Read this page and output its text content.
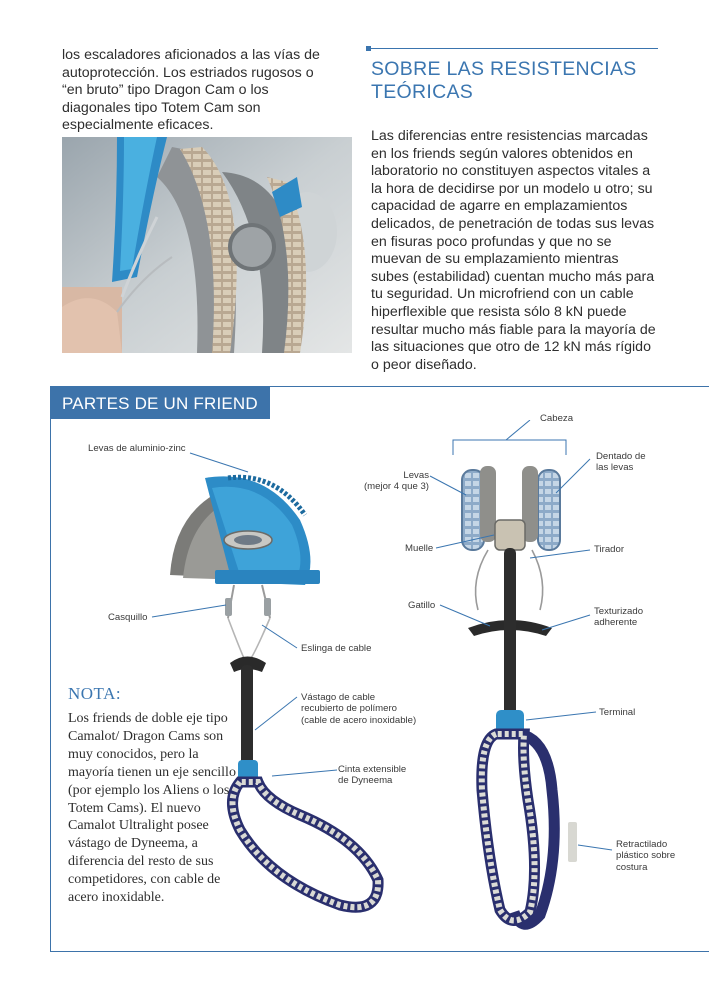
los escaladores aficionados a las vías de autoprotección. Los estriados rugosos o “en bruto” tipo Dragon Cam o los diagonales tipo Totem Cam son especialmente eficaces.
SOBRE LAS RESISTENCIAS TEÓRICAS
Las diferencias entre resistencias marcadas en los friends según valores obtenidos en laboratorio no constituyen aspectos vitales a la hora de decidirse por un modelo u otro; su capacidad de agarre en emplazamientos delicados, de penetración de todas sus levas en fisuras poco profundas y que no se muevan de su emplazamiento mientras subes (estabilidad) cuentan mucho más para tu seguridad. Un microfriend con un cable hiperflexible que resista sólo 8 kN puede resultar mucho más fiable para la mayoría de las situaciones que otro de 12 kN más rígido o peor diseñado.
PARTES DE UN FRIEND
Levas de aluminio-zinc
Casquillo
Eslinga de cable
Vástago de cable
recubierto de polímero
(cable de acero inoxidable)
Cinta extensible
de Dyneema
Cabeza
Levas
(mejor 4 que 3)
Dentado de
las levas
Muelle	Tirador
Gatillo
Texturizado
adherente
Terminal
Retractilado
plástico sobre
costura
NOTA:
Los friends de doble eje tipo Camalot/ Dragon Cams son muy conocidos, pero la mayoría tienen un eje sencillo (por ejemplo los Aliens o los Totem Cams). El nuevo Camalot Ultralight posee vástago de Dyneema, a diferencia del resto de sus competidores, con cable de acero inoxidable.
